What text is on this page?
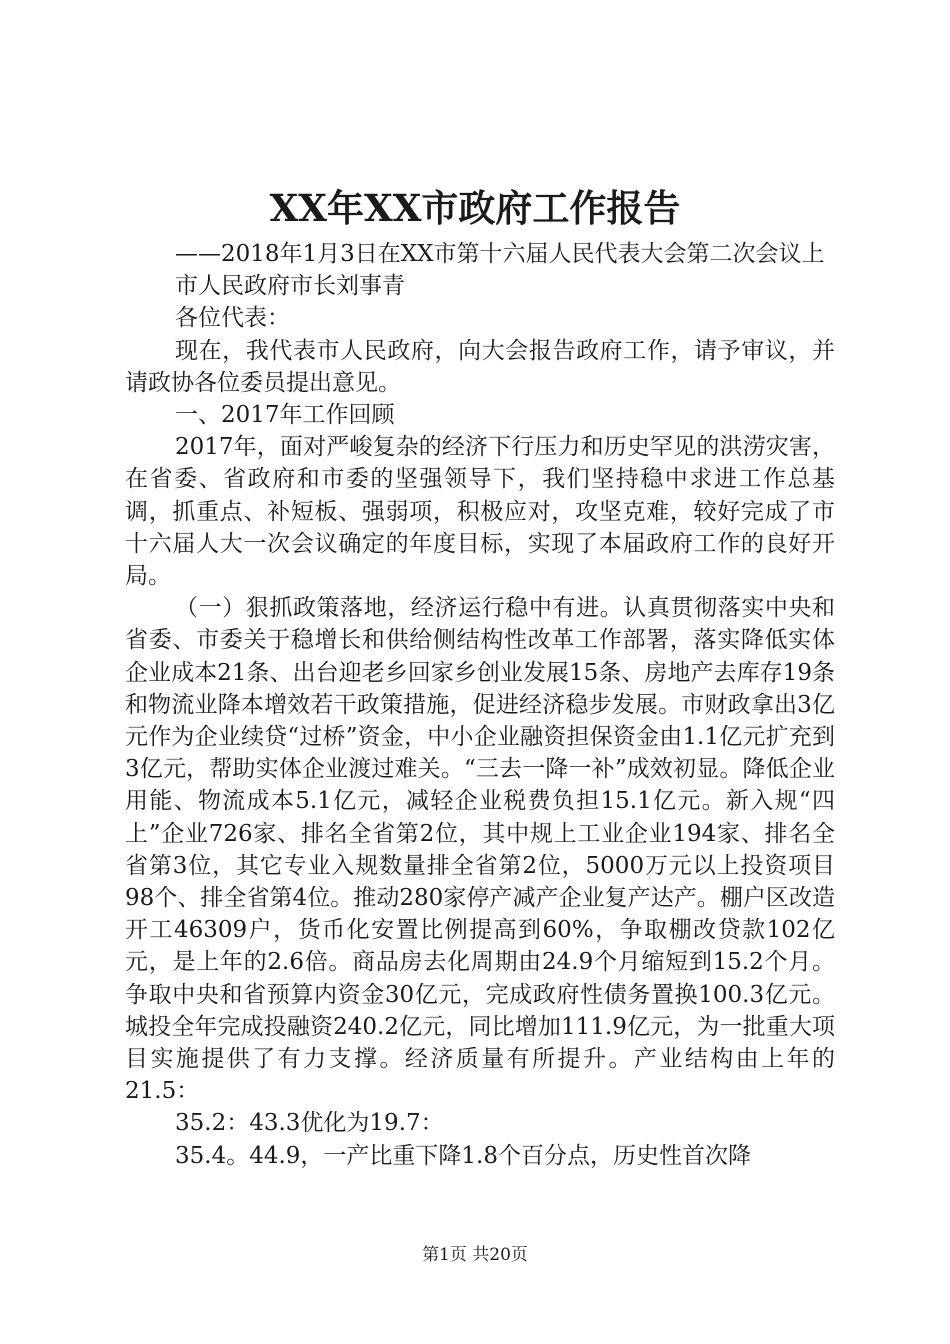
XX年XX市政府工作报告

——2018年1月3日在XX市第十六届人民代表大会第二次会议上

市人民政府市长刘事青

各位代表：

现在，我代表市人民政府，向大会报告政府工作，请予审议，并请政协各位委员提出意见。

一、2017年工作回顾

2017年，面对严峻复杂的经济下行压力和历史罕见的洪涝灾害，在省委、省政府和市委的坚强领导下，我们坚持稳中求进工作总基调，抓重点、补短板、强弱项，积极应对，攻坚克难，较好完成了市十六届人大一次会议确定的年度目标，实现了本届政府工作的良好开局。

（一）狠抓政策落地，经济运行稳中有进。认真贯彻落实中央和省委、市委关于稳增长和供给侧结构性改革工作部署，落实降低实体企业成本21条、出台迎老乡回家乡创业发展15条、房地产去库存19条和物流业降本增效若干政策措施，促进经济稳步发展。市财政拿出3亿元作为企业续贷“过桥”资金，中小企业融资担保资金由1.1亿元扩充到3亿元，帮助实体企业渡过难关。“三去一降一补”成效初显。降低企业用能、物流成本5.1亿元，减轻企业税费负担15.1亿元。新入规“四上”企业726家、排名全省第2位，其中规上工业企业194家、排名全省第3位，其它专业入规数量排全省第2位，5000万元以上投资项目98个、排全省第4位。推动280家停产减产企业复产达产。棚户区改造开工46309户，货币化安置比例提高到60%，争取棚改贷款102亿元，是上年的2.6倍。商品房去化周期由24.9个月缩短到15.2个月。争取中央和省预算内资金30亿元，完成政府性债务置换100.3亿元。城投全年完成投融资240.2亿元，同比增加111.9亿元，为一批重大项目实施提供了有力支撑。经济质量有所提升。产业结构由上年的21.5：

35.2：43.3优化为19.7：

35.4。44.9，一产比重下降1.8个百分点，历史性首次降

第1页 共20页
